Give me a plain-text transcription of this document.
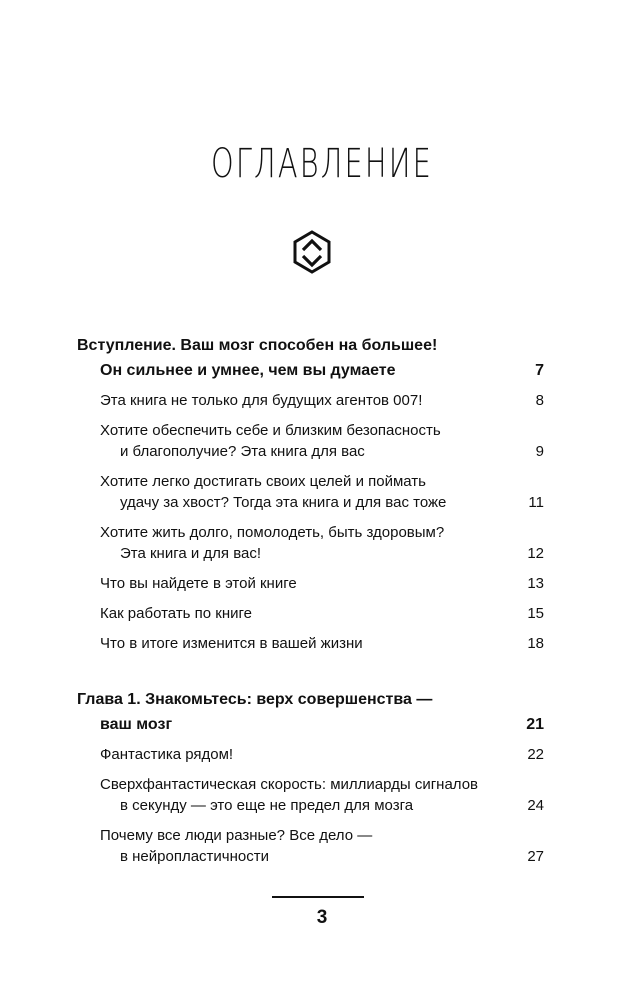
ОГЛАВЛЕНИЕ
Вступление. Ваш мозг способен на большее!
Он сильнее и умнее, чем вы думаете	7
Эта книга не только для будущих агентов 007!	8
Хотите обеспечить себе и близким безопасность
и благополучие? Эта книга для вас	9
Хотите легко достигать своих целей и поймать
удачу за хвост? Тогда эта книга и для вас тоже	11
Хотите жить долго, помолодеть, быть здоровым?
Эта книга и для вас!	12
Что вы найдете в этой книге	13
Как работать по книге	15
Что в итоге изменится в вашей жизни	18
Глава 1. Знакомьтесь: верх совершенства —
ваш мозг	21
Фантастика рядом!	22
Сверхфантастическая скорость: миллиарды сигналов
в секунду — это еще не предел для мозга	24
Почему все люди разные? Все дело —
в нейропластичности	27
3
